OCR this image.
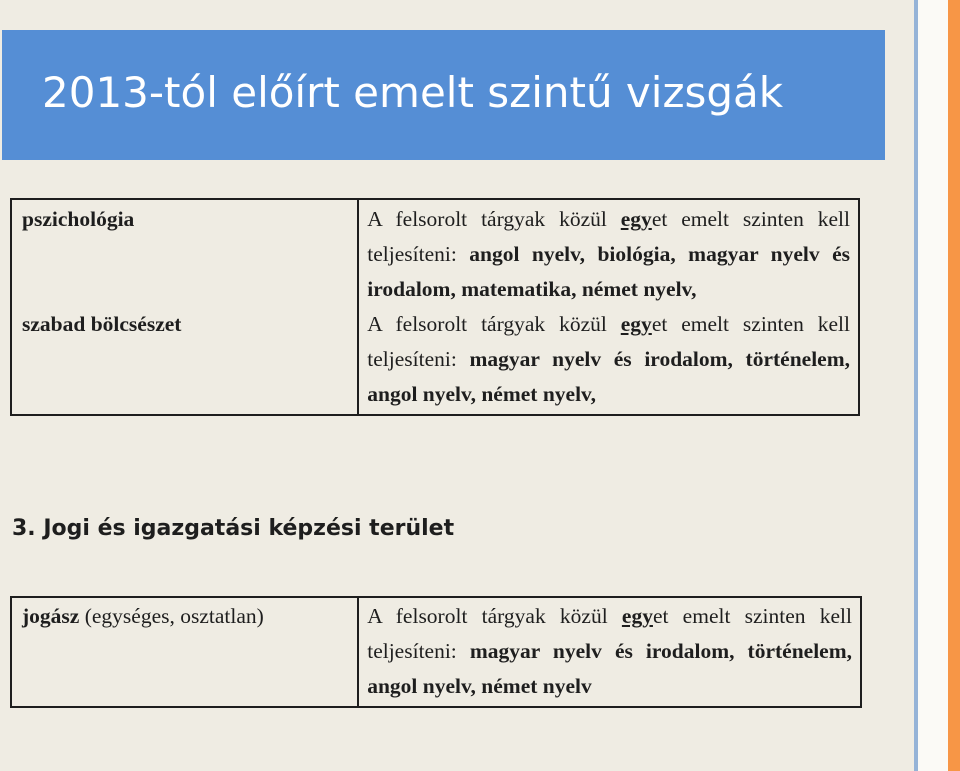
2013-tól előírt emelt szintű vizsgák
pszichológia	A felsorolt tárgyak közül egyet emelt szinten kell teljesíteni: angol nyelv, biológia, magyar nyelv és irodalom, matematika, német nyelv,
szabad bölcsészet	A felsorolt tárgyak közül egyet emelt szinten kell teljesíteni: magyar nyelv és irodalom, történelem, angol nyelv, német nyelv,
3. Jogi és igazgatási képzési terület
jogász (egységes, osztatlan)	A felsorolt tárgyak közül egyet emelt szinten kell teljesíteni: magyar nyelv és irodalom, történelem, angol nyelv, német nyelv
